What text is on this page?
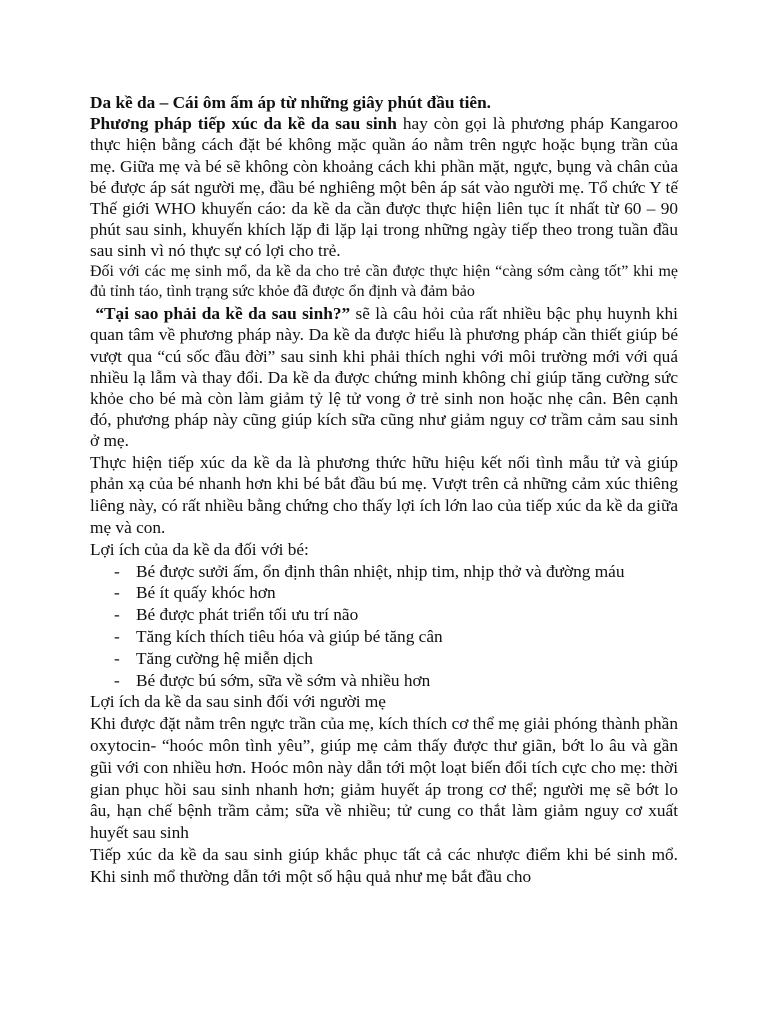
Da kề da – Cái ôm ấm áp từ những giây phút đầu tiên.

Phương pháp tiếp xúc da kề da sau sinh hay còn gọi là phương pháp Kangaroo thực hiện bằng cách đặt bé không mặc quần áo nằm trên ngực hoặc bụng trần của mẹ. Giữa mẹ và bé sẽ không còn khoảng cách khi phần mặt, ngực, bụng và chân của bé được áp sát người mẹ, đầu bé nghiêng một bên áp sát vào người mẹ. Tổ chức Y tế Thế giới WHO khuyến cáo: da kề da cần được thực hiện liên tục ít nhất từ 60 – 90 phút sau sinh, khuyến khích lặp đi lặp lại trong những ngày tiếp theo trong tuần đầu sau sinh vì nó thực sự có lợi cho trẻ.

Đối với các mẹ sinh mổ, da kề da cho trẻ cần được thực hiện “càng sớm càng tốt” khi mẹ đủ tỉnh táo, tình trạng sức khỏe đã được ổn định và đảm bảo

“Tại sao phải da kề da sau sinh?” sẽ là câu hỏi của rất nhiều bậc phụ huynh khi quan tâm về phương pháp này. Da kề da được hiểu là phương pháp cần thiết giúp bé vượt qua “cú sốc đầu đời” sau sinh khi phải thích nghi với môi trường mới với quá nhiều lạ lẫm và thay đổi. Da kề da được chứng minh không chỉ giúp tăng cường sức khỏe cho bé mà còn làm giảm tỷ lệ tử vong ở trẻ sinh non hoặc nhẹ cân. Bên cạnh đó, phương pháp này cũng giúp kích sữa cũng như giảm nguy cơ trầm cảm sau sinh ở mẹ.

Thực hiện tiếp xúc da kề da là phương thức hữu hiệu kết nối tình mẫu tử và giúp phản xạ của bé nhanh hơn khi bé bắt đầu bú mẹ. Vượt trên cả những cảm xúc thiêng liêng này, có rất nhiều bằng chứng cho thấy lợi ích lớn lao của tiếp xúc da kề da giữa mẹ và con.

Lợi ích của da kề da đối với bé:

- Bé được sưởi ấm, ổn định thân nhiệt, nhịp tim, nhịp thở và đường máu
- Bé ít quấy khóc hơn
- Bé được phát triển tối ưu trí não
- Tăng kích thích tiêu hóa và giúp bé tăng cân
- Tăng cường hệ miễn dịch
- Bé được bú sớm, sữa về sớm và nhiều hơn

Lợi ích da kề da sau sinh đối với người mẹ

Khi được đặt nằm trên ngực trần của mẹ, kích thích cơ thể mẹ giải phóng thành phần oxytocin- “hoóc môn tình yêu”, giúp mẹ cảm thấy được thư giãn, bớt lo âu và gần gũi với con nhiều hơn. Hoóc môn này dẫn tới một loạt biến đổi tích cực cho mẹ: thời gian phục hồi sau sinh nhanh hơn; giảm huyết áp trong cơ thể; người mẹ sẽ bớt lo âu, hạn chế bệnh trầm cảm; sữa về nhiều; tử cung co thắt làm giảm nguy cơ xuất huyết sau sinh

Tiếp xúc da kề da sau sinh giúp khắc phục tất cả các nhược điểm khi bé sinh mổ. Khi sinh mổ thường dẫn tới một số hậu quả như mẹ bắt đầu cho
